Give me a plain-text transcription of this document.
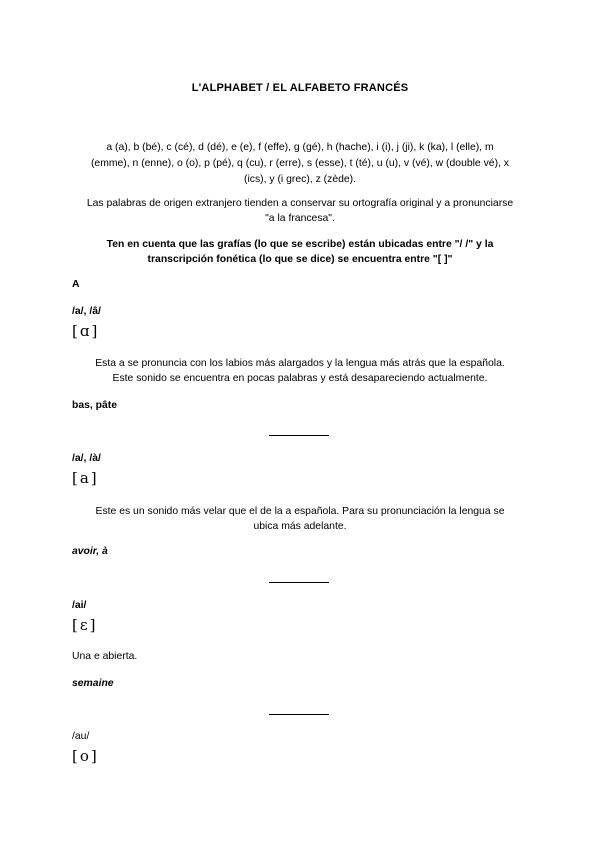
L'ALPHABET / EL ALFABETO FRANCÉS
a (a), b (bé), c (cé), d (dé), e (e), f (effe), g (gé), h (hache), i (i), j (ji), k (ka), l (elle), m
(emme), n (enne), o (o), p (pé), q (cu), r (erre), s (esse), t (té), u (u), v (vé), w (double vé), x
(ics), y (i grec), z (zède).
Las palabras de origen extranjero tienden a conservar su ortografía original y a pronunciarse
"a la francesa".
Ten en cuenta que las grafías (lo que se escribe) están ubicadas entre "/ /" y la
transcripción fonética (lo que se dice) se encuentra entre "[ ]"
A
/a/, /â/
[ɑ]
Esta a se pronuncia con los labios más alargados y la lengua más atrás que la española.
Este sonido se encuentra en pocas palabras y está desapareciendo actualmente.
bas, pâte
/a/, /à/
[a]
Este es un sonido más velar que el de la a española. Para su pronunciación la lengua se
ubica más adelante.
avoir, à
/ai/
[ɛ]
Una e abierta.
semaine
/au/
[o]
